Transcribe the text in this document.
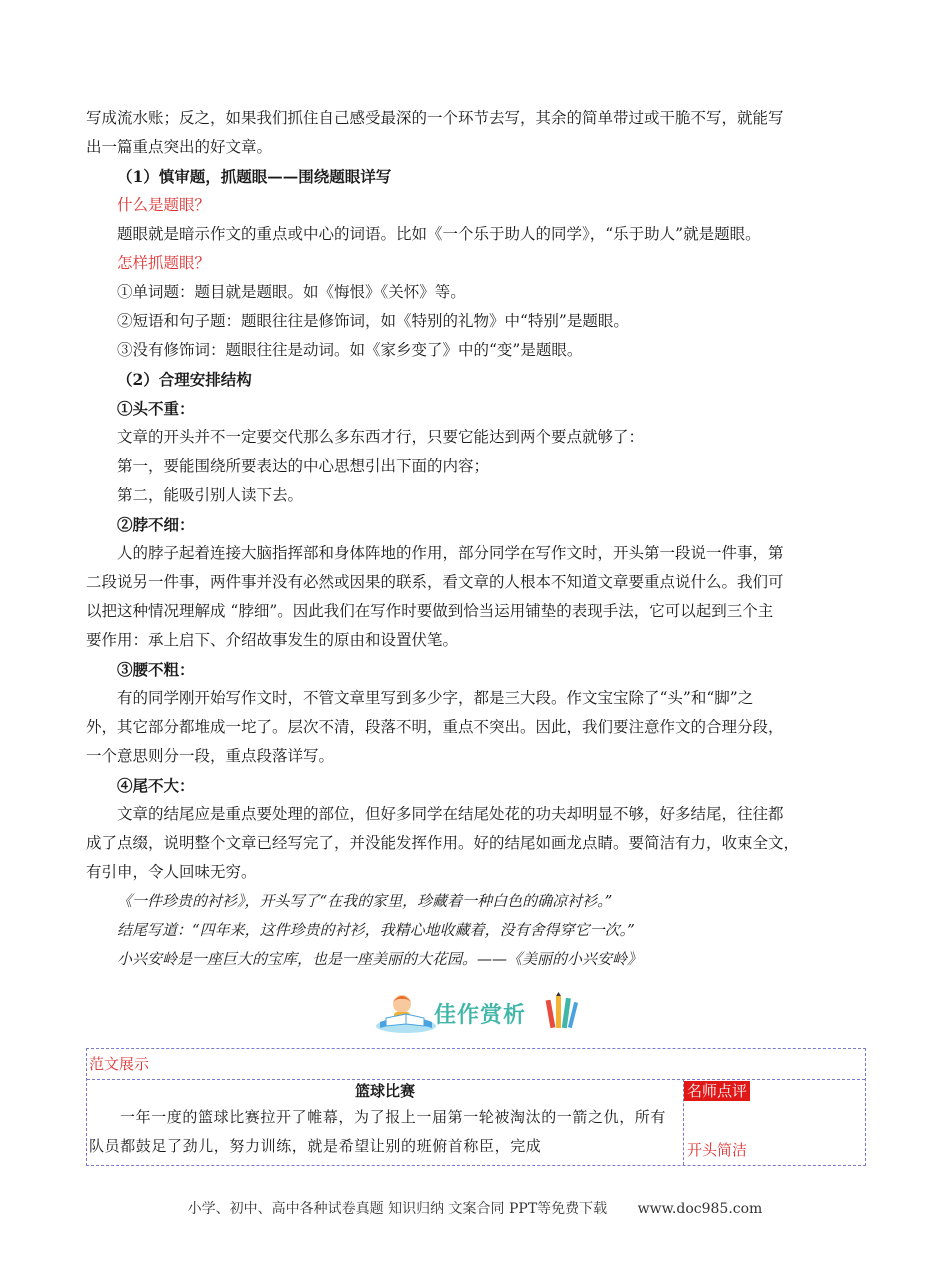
写成流水账；反之，如果我们抓住自己感受最深的一个环节去写，其余的简单带过或干脆不写，就能写

出一篇重点突出的好文章。

（1）慎审题，抓题眼——围绕题眼详写

什么是题眼？

题眼就是暗示作文的重点或中心的词语。比如《一个乐于助人的同学》，“乐于助人”就是题眼。

怎样抓题眼？

①单词题：题目就是题眼。如《悔恨》《关怀》等。

②短语和句子题：题眼往往是修饰词，如《特别的礼物》中“特别”是题眼。

③没有修饰词：题眼往往是动词。如《家乡变了》中的“变”是题眼。

（2）合理安排结构

①头不重：

文章的开头并不一定要交代那么多东西才行，只要它能达到两个要点就够了：

第一，要能围绕所要表达的中心思想引出下面的内容；

第二，能吸引别人读下去。

②脖不细：

人的脖子起着连接大脑指挥部和身体阵地的作用，部分同学在写作文时，开头第一段说一件事，第

二段说另一件事，两件事并没有必然或因果的联系，看文章的人根本不知道文章要重点说什么。我们可

以把这种情况理解成 “脖细”。因此我们在写作时要做到恰当运用铺垫的表现手法，它可以起到三个主

要作用：承上启下、介绍故事发生的原由和设置伏笔。

③腰不粗：

有的同学刚开始写作文时，不管文章里写到多少字，都是三大段。作文宝宝除了“头”和“脚”之

外，其它部分都堆成一坨了。层次不清，段落不明，重点不突出。因此，我们要注意作文的合理分段，

一个意思则分一段，重点段落详写。

④尾不大：

文章的结尾应是重点要处理的部位，但好多同学在结尾处花的功夫却明显不够，好多结尾，往往都

成了点缀，说明整个文章已经写完了，并没能发挥作用。好的结尾如画龙点睛。要简洁有力，收束全文，

有引申，令人回味无穷。

《一件珍贵的衬衫》，开头写了“在我的家里，珍藏着一种白色的确凉衬衫。”

结尾写道：“四年来，这件珍贵的衬衫，我精心地收藏着，没有舍得穿它一次。”

小兴安岭是一座巨大的宝库，也是一座美丽的大花园。——《美丽的小兴安岭》

佳作赏析
范文展示
篮球比赛
一年一度的篮球比赛拉开了帷幕，为了报上一届第一轮被淘汰的一箭之仇，所有队员都鼓足了劲儿，努力训练，就是希望让别的班俯首称臣，完成
名师点评
开头简洁
小学、初中、高中各种试卷真题 知识归纳 文案合同 PPT等免费下载 www.doc985.com
